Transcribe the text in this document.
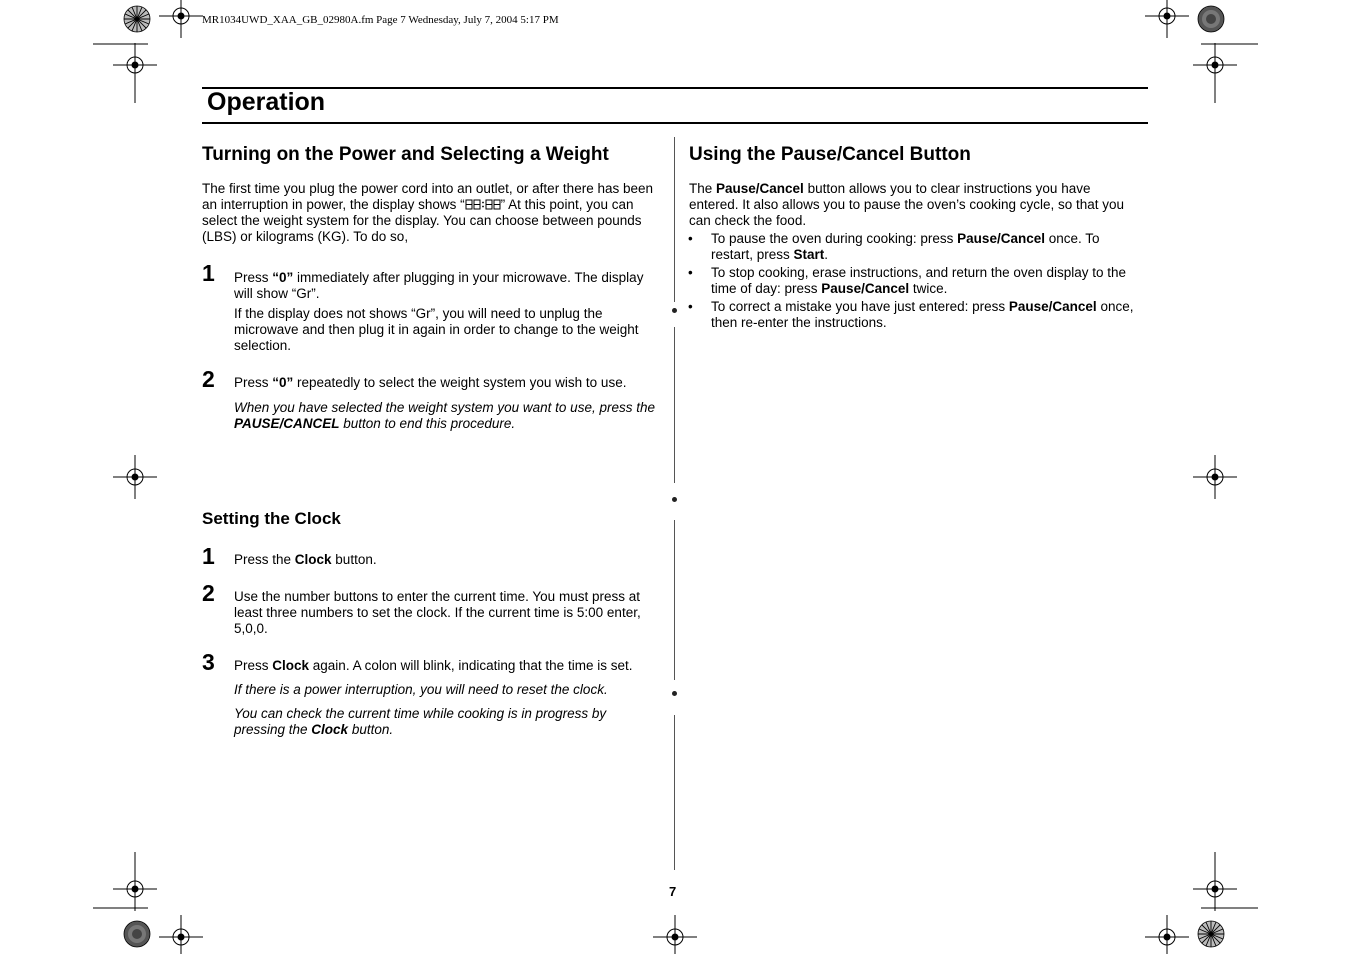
MR1034UWD_XAA_GB_02980A.fm Page 7 Wednesday, July 7, 2004 5:17 PM
Operation
Turning on the Power and Selecting a Weight

The first time you plug the power cord into an outlet, or after there has been an interruption in power, the display shows “	” At this point, you can select the weight system for the display. You can choose between pounds (LBS) or kilograms (KG). To do so,

1 Press “0” immediately after plugging in your microwave. The display will show “Gr”.

If the display does not shows “Gr”, you will need to unplug the microwave and then plug it in again in order to change to the weight selection.

2 Press “0” repeatedly to select the weight system you wish to use.

When you have selected the weight system you want to use, press the PAUSE/CANCEL button to end this procedure.

Setting the Clock
1 Press the Clock button.

2 Use the number buttons to enter the current time. You must press at least three numbers to set the clock. If the current time is 5:00 enter, 5,0,0.

3 Press Clock again. A colon will blink, indicating that the time is set.

If there is a power interruption, you will need to reset the clock.

You can check the current time while cooking is in progress by pressing the Clock button.

Using the Pause/Cancel Button

The Pause/Cancel button allows you to clear instructions you have entered. It also allows you to pause the oven’s cooking cycle, so that you can check the food.

• To pause the oven during cooking: press Pause/Cancel once. To restart, press Start.
• To stop cooking, erase instructions, and return the oven display to the time of day: press Pause/Cancel twice.
• To correct a mistake you have just entered: press Pause/Cancel once, then re-enter the instructions.
7
